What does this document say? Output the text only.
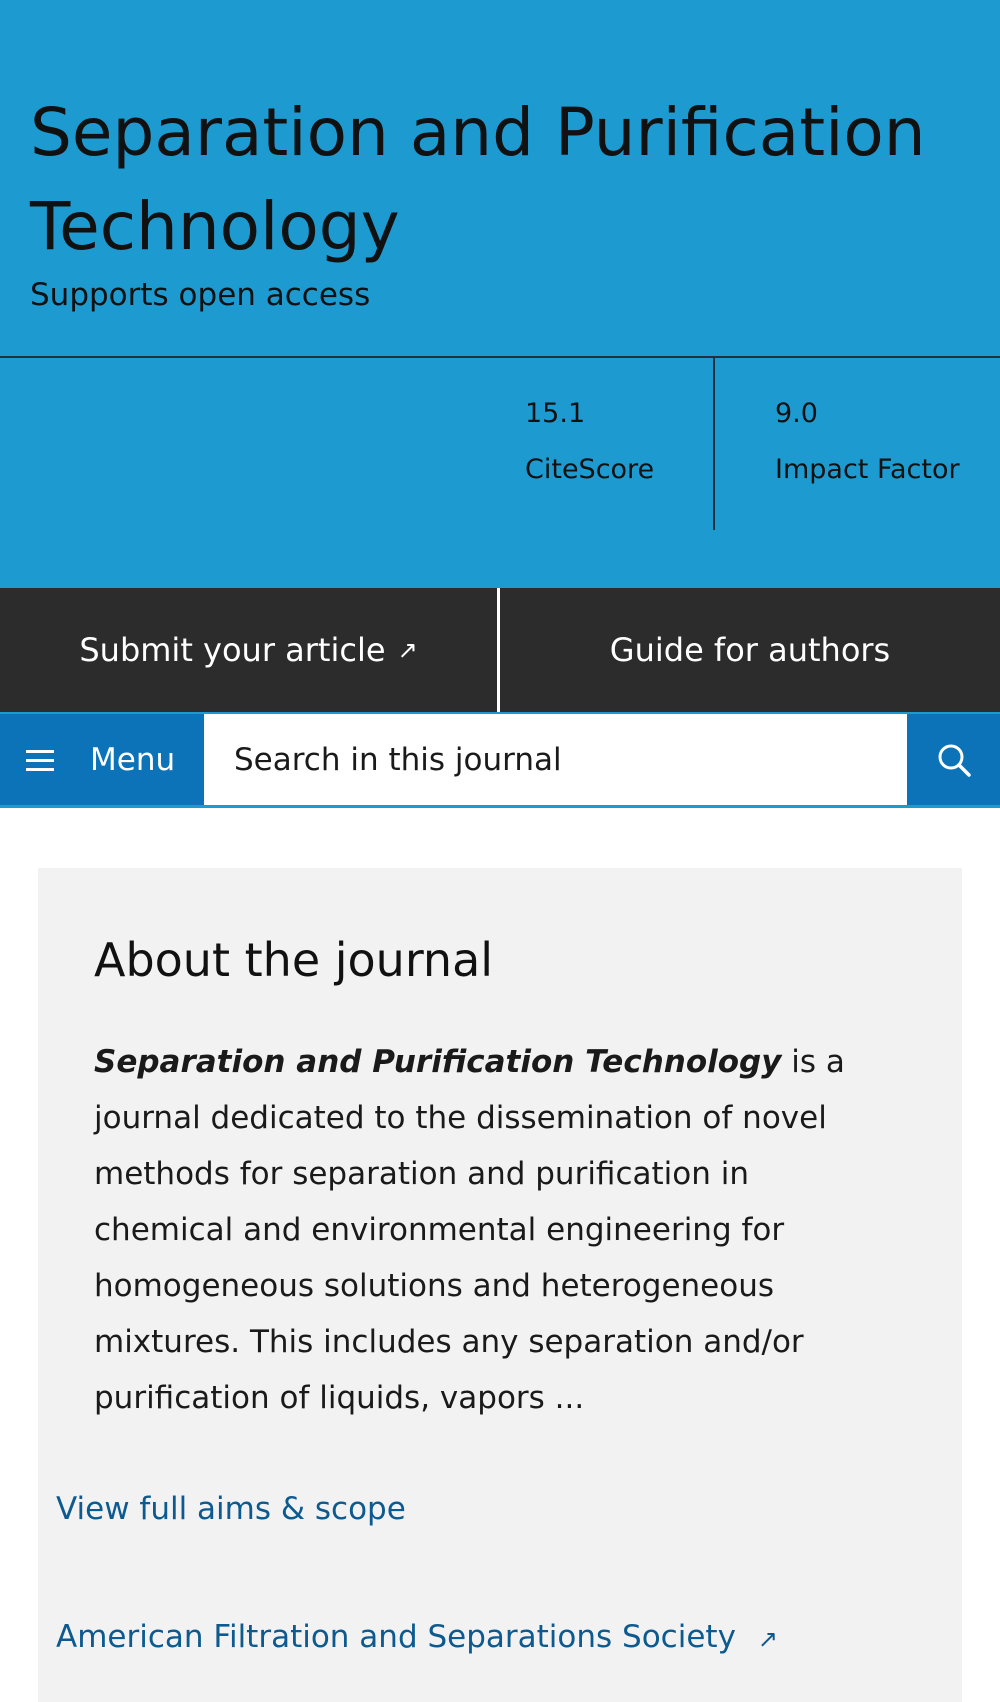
Separation and Purification Technology
Supports open access
15.1
CiteScore
9.0
Impact Factor
Submit your article ↗	Guide for authors
Menu
Search in this journal
About the journal

Separation and Purification Technology is a journal dedicated to the dissemination of novel methods for separation and purification in chemical and environmental engineering for homogeneous solutions and heterogeneous mixtures. This includes any separation and/or purification of liquids, vapors ...

View full aims & scope
American Filtration and Separations Society ↗
